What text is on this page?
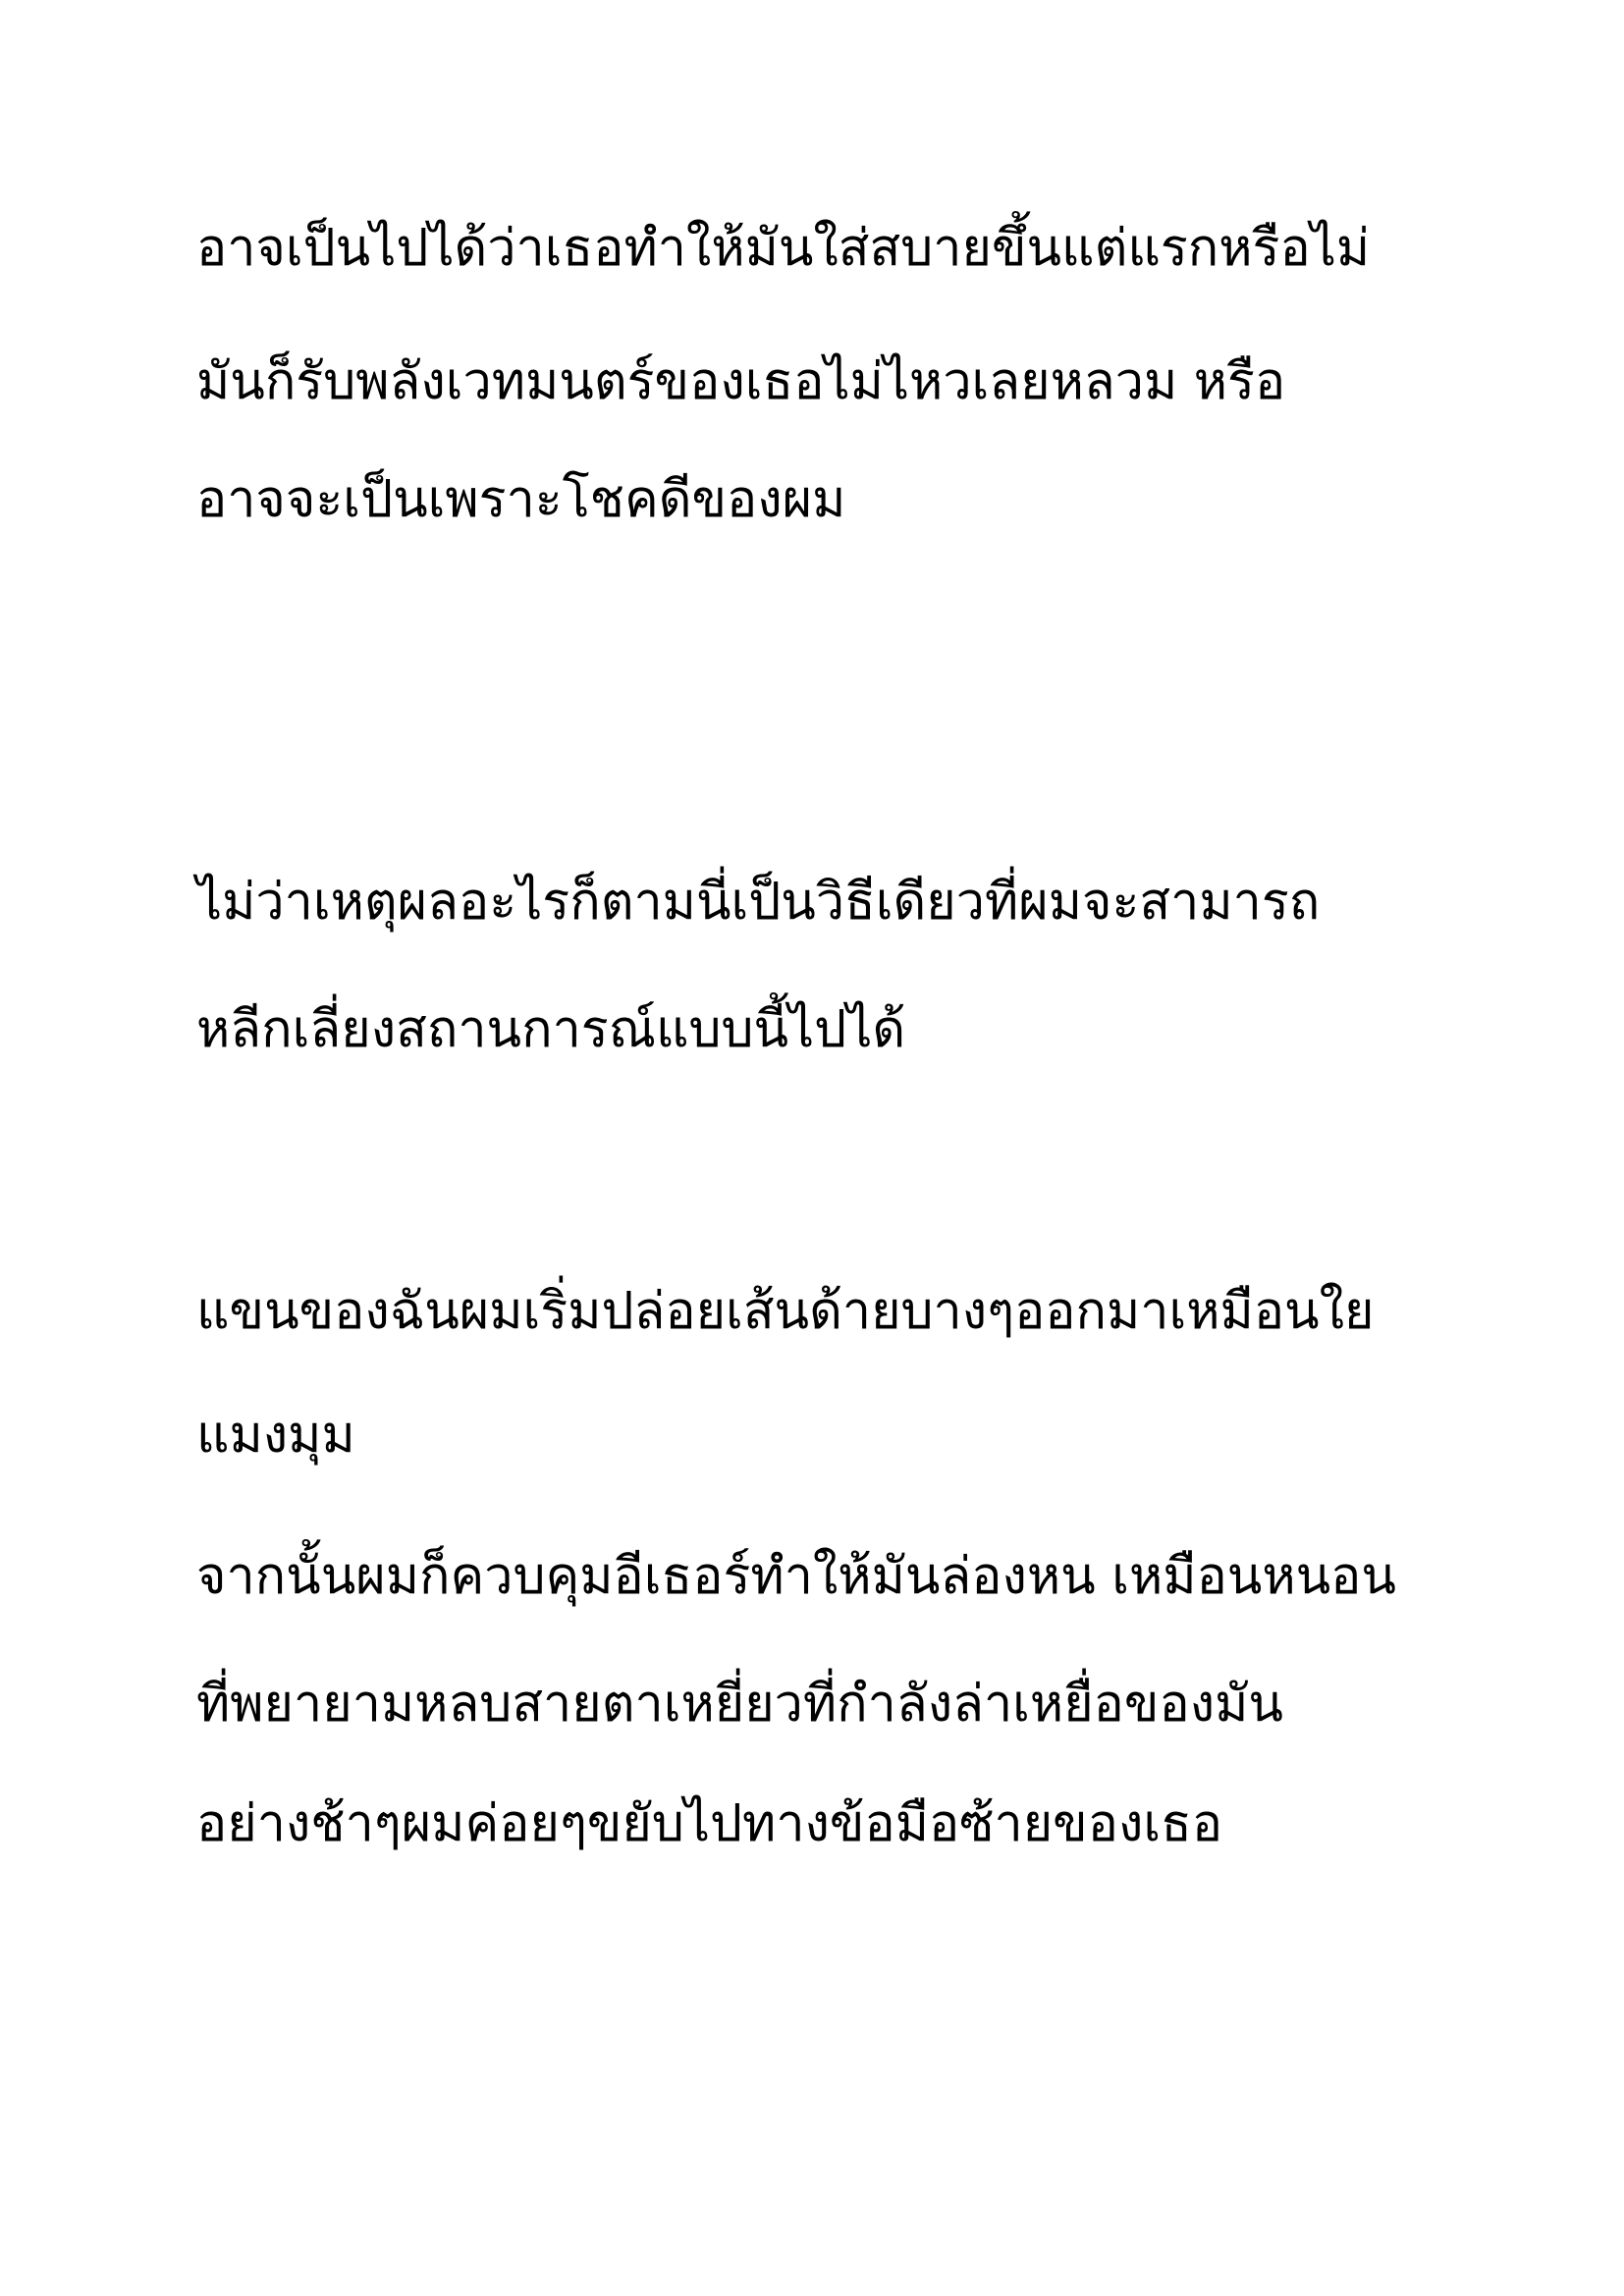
อาจเป็นไปได้ว่าเธอทำให้มันใส่สบายขึ้นแต่แรกหรือไม่

มันก็รับพลังเวทมนตร์ของเธอไม่ไหวเลยหลวม หรือ

อาจจะเป็นเพราะโชคดีของผม

ไม่ว่าเหตุผลอะไรก็ตามนี่เป็นวิธีเดียวที่ผมจะสามารถ

หลีกเลี่ยงสถานการณ์แบบนี้ไปได้

แขนของฉันผมเริ่มปล่อยเส้นด้ายบางๆออกมาเหมือนใย

แมงมุม

จากนั้นผมก็ควบคุมอีเธอร์ทำให้มันล่องหน เหมือนหนอน

ที่พยายามหลบสายตาเหยี่ยวที่กำลังล่าเหยื่อของมัน

อย่างช้าๆผมค่อยๆขยับไปทางข้อมือซ้ายของเธอ
